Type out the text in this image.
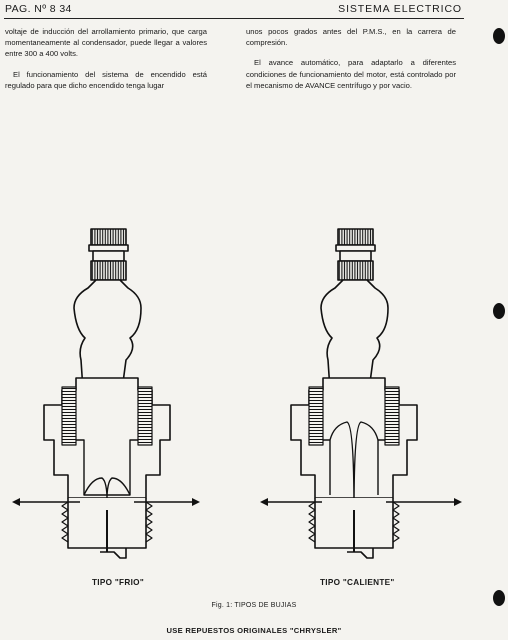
PAG. Nº 8 34	SISTEMA ELECTRICO

voltaje de inducción del arrollamiento primario, que carga momentaneamente al condensador, puede llegar a valores entre 300 a 400 volts.

El funcionamiento del sistema de encendido está regulado para que dicho encendido tenga lugar

unos pocos grados antes del P.M.S., en la carrera de compresión.

El avance automático, para adaptarlo a diferentes condiciones de funcionamiento del motor, está controlado por el mecanismo de AVANCE centrífugo y por vacio.

TIPO "FRIO"	TIPO "CALIENTE"
Fig. 1: TIPOS DE BUJIAS
USE REPUESTOS ORIGINALES "CHRYSLER"
